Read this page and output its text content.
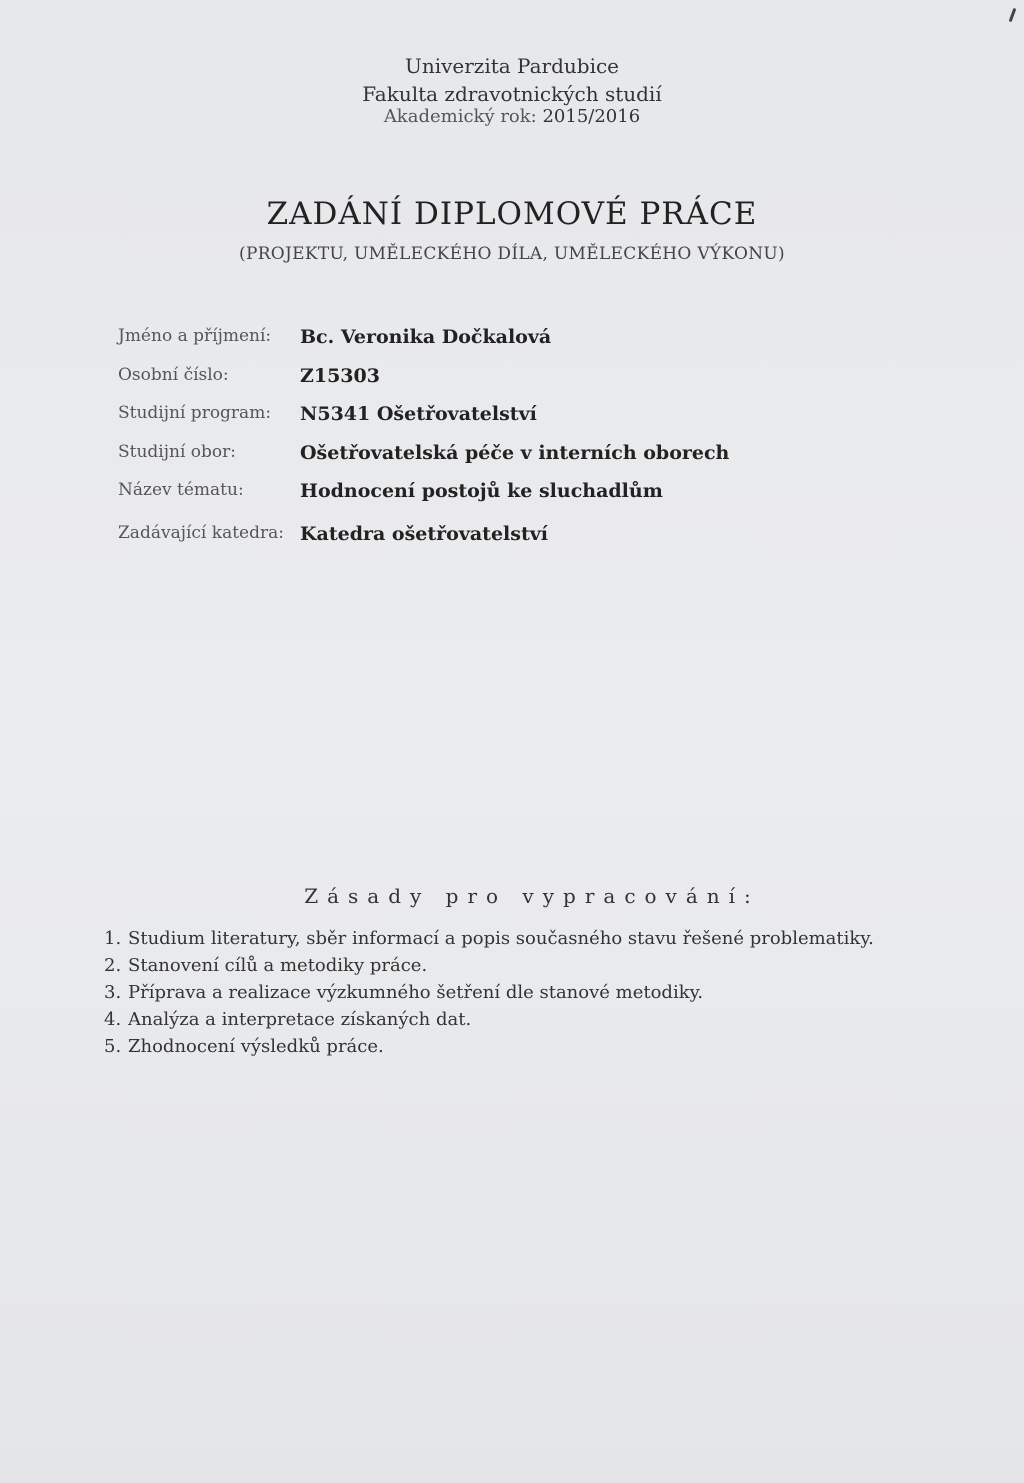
Univerzita Pardubice
Fakulta zdravotnických studií
Akademický rok: 2015/2016
ZADÁNÍ DIPLOMOVÉ PRÁCE
(PROJEKTU, UMĚLECKÉHO DÍLA, UMĚLECKÉHO VÝKONU)
Jméno a příjmení:	Bc. Veronika Dočkalová
Osobní číslo:	Z15303
Studijní program:	N5341 Ošetřovatelství
Studijní obor:	Ošetřovatelská péče v interních oborech
Název tématu:	Hodnocení postojů ke sluchadlům
Zadávající katedra: Katedra ošetřovatelství
Zásady pro vypracování:
1. Studium literatury, sběr informací a popis současného stavu řešené problematiky.
2. Stanovení cílů a metodiky práce.
3. Příprava a realizace výzkumného šetření dle stanové metodiky.
4. Analýza a interpretace získaných dat.
5. Zhodnocení výsledků práce.
